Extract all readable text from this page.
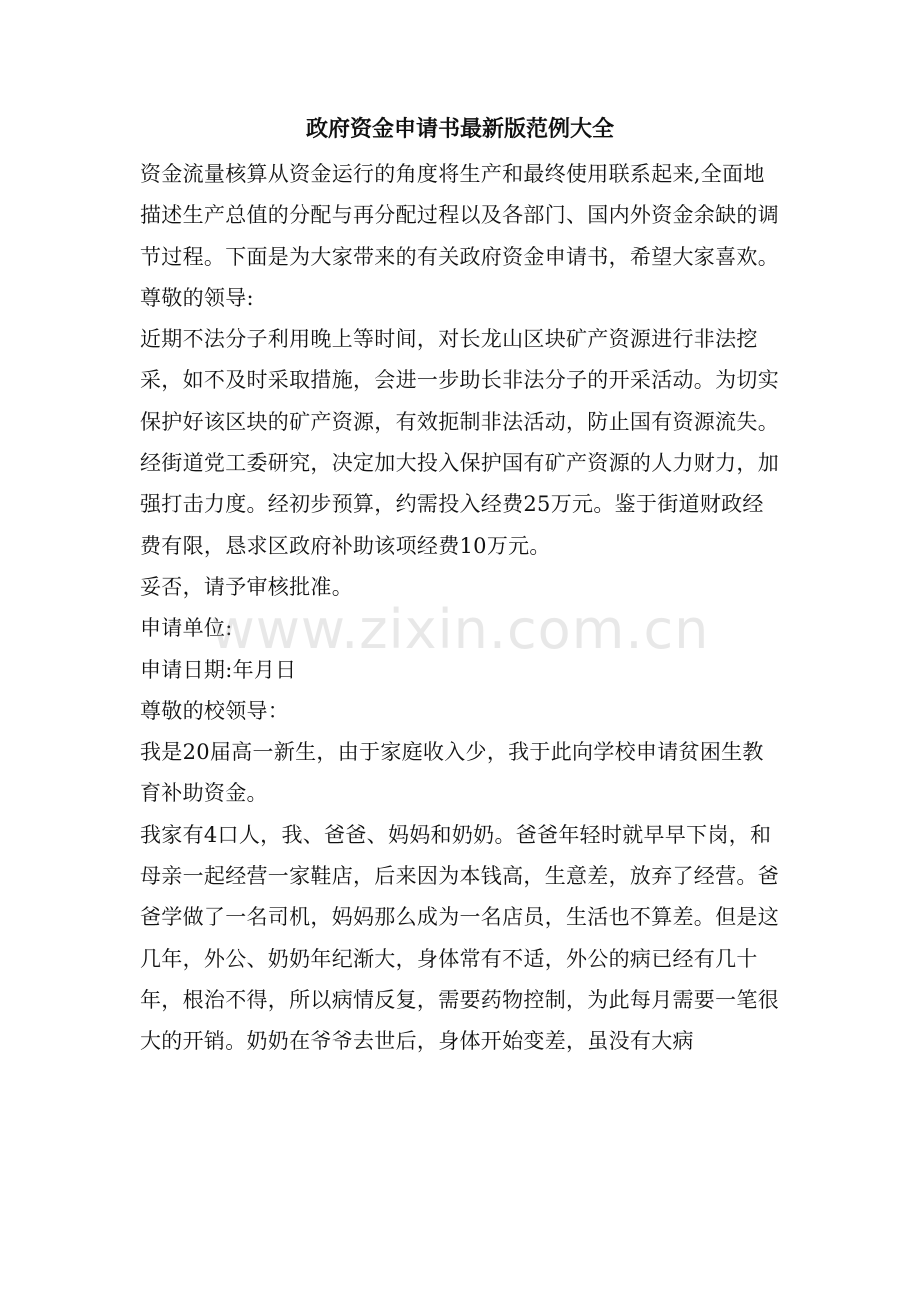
政府资金申请书最新版范例大全

资金流量核算从资金运行的角度将生产和最终使用联系起来,全面地描述生产总值的分配与再分配过程以及各部门、国内外资金余缺的调节过程。下面是为大家带来的有关政府资金申请书，希望大家喜欢。

尊敬的领导:

近期不法分子利用晚上等时间，对长龙山区块矿产资源进行非法挖采，如不及时采取措施，会进一步助长非法分子的开采活动。为切实保护好该区块的矿产资源，有效扼制非法活动，防止国有资源流失。经街道党工委研究，决定加大投入保护国有矿产资源的人力财力，加强打击力度。经初步预算，约需投入经费25万元。鉴于街道财政经费有限，恳求区政府补助该项经费10万元。

妥否，请予审核批准。

申请单位:

申请日期:年月日

尊敬的校领导：

我是20届高一新生，由于家庭收入少，我于此向学校申请贫困生教育补助资金。

我家有4口人，我、爸爸、妈妈和奶奶。爸爸年轻时就早早下岗，和母亲一起经营一家鞋店，后来因为本钱高，生意差，放弃了经营。爸爸学做了一名司机，妈妈那么成为一名店员，生活也不算差。但是这几年，外公、奶奶年纪渐大，身体常有不适，外公的病已经有几十年，根治不得，所以病情反复，需要药物控制，为此每月需要一笔很大的开销。奶奶在爷爷去世后，身体开始变差，虽没有大病

www.zixin.com.cn
